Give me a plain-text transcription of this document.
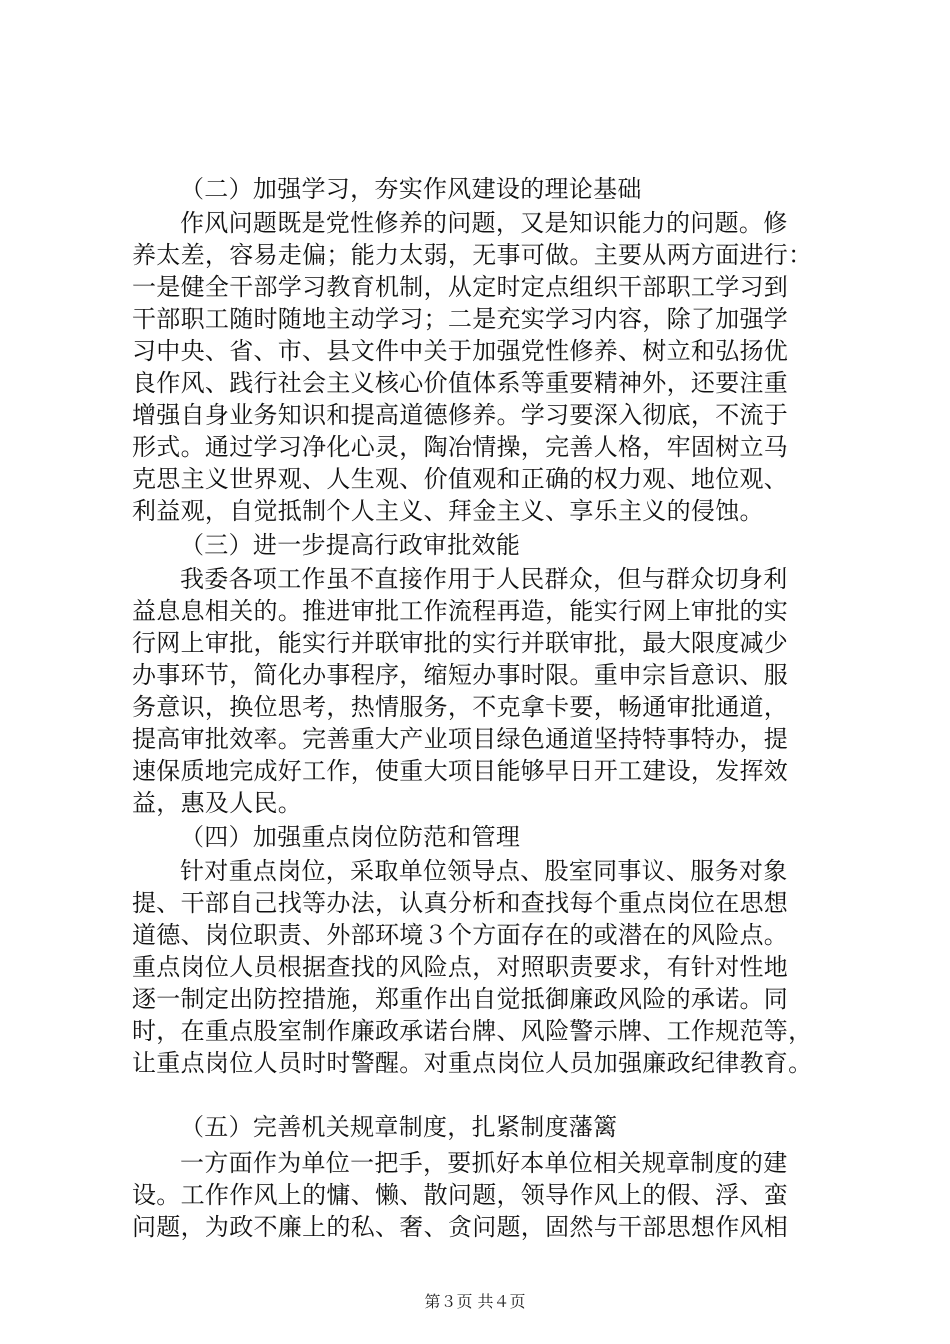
（二）加强学习，夯实作风建设的理论基础
作风问题既是党性修养的问题，又是知识能力的问题。修
养太差，容易走偏；能力太弱，无事可做。主要从两方面进行：
一是健全干部学习教育机制，从定时定点组织干部职工学习到
干部职工随时随地主动学习；二是充实学习内容，除了加强学
习中央、省、市、县文件中关于加强党性修养、树立和弘扬优
良作风、践行社会主义核心价值体系等重要精神外，还要注重
增强自身业务知识和提高道德修养。学习要深入彻底，不流于
形式。通过学习净化心灵，陶冶情操，完善人格，牢固树立马
克思主义世界观、人生观、价值观和正确的权力观、地位观、
利益观，自觉抵制个人主义、拜金主义、享乐主义的侵蚀。
（三）进一步提高行政审批效能
我委各项工作虽不直接作用于人民群众，但与群众切身利
益息息相关的。推进审批工作流程再造，能实行网上审批的实
行网上审批，能实行并联审批的实行并联审批，最大限度减少
办事环节，简化办事程序，缩短办事时限。重申宗旨意识、服
务意识，换位思考，热情服务，不克拿卡要，畅通审批通道，
提高审批效率。完善重大产业项目绿色通道坚持特事特办，提
速保质地完成好工作，使重大项目能够早日开工建设，发挥效
益，惠及人民。
（四）加强重点岗位防范和管理
针对重点岗位，采取单位领导点、股室同事议、服务对象
提、干部自己找等办法，认真分析和查找每个重点岗位在思想
道德、岗位职责、外部环境３个方面存在的或潜在的风险点。
重点岗位人员根据查找的风险点，对照职责要求，有针对性地
逐一制定出防控措施，郑重作出自觉抵御廉政风险的承诺。同
时，在重点股室制作廉政承诺台牌、风险警示牌、工作规范等，
让重点岗位人员时时警醒。对重点岗位人员加强廉政纪律教育。
（五）完善机关规章制度，扎紧制度藩篱
一方面作为单位一把手，要抓好本单位相关规章制度的建
设。工作作风上的慵、懒、散问题，领导作风上的假、浮、蛮
问题，为政不廉上的私、奢、贪问题，固然与干部思想作风相
第３页 共４页
